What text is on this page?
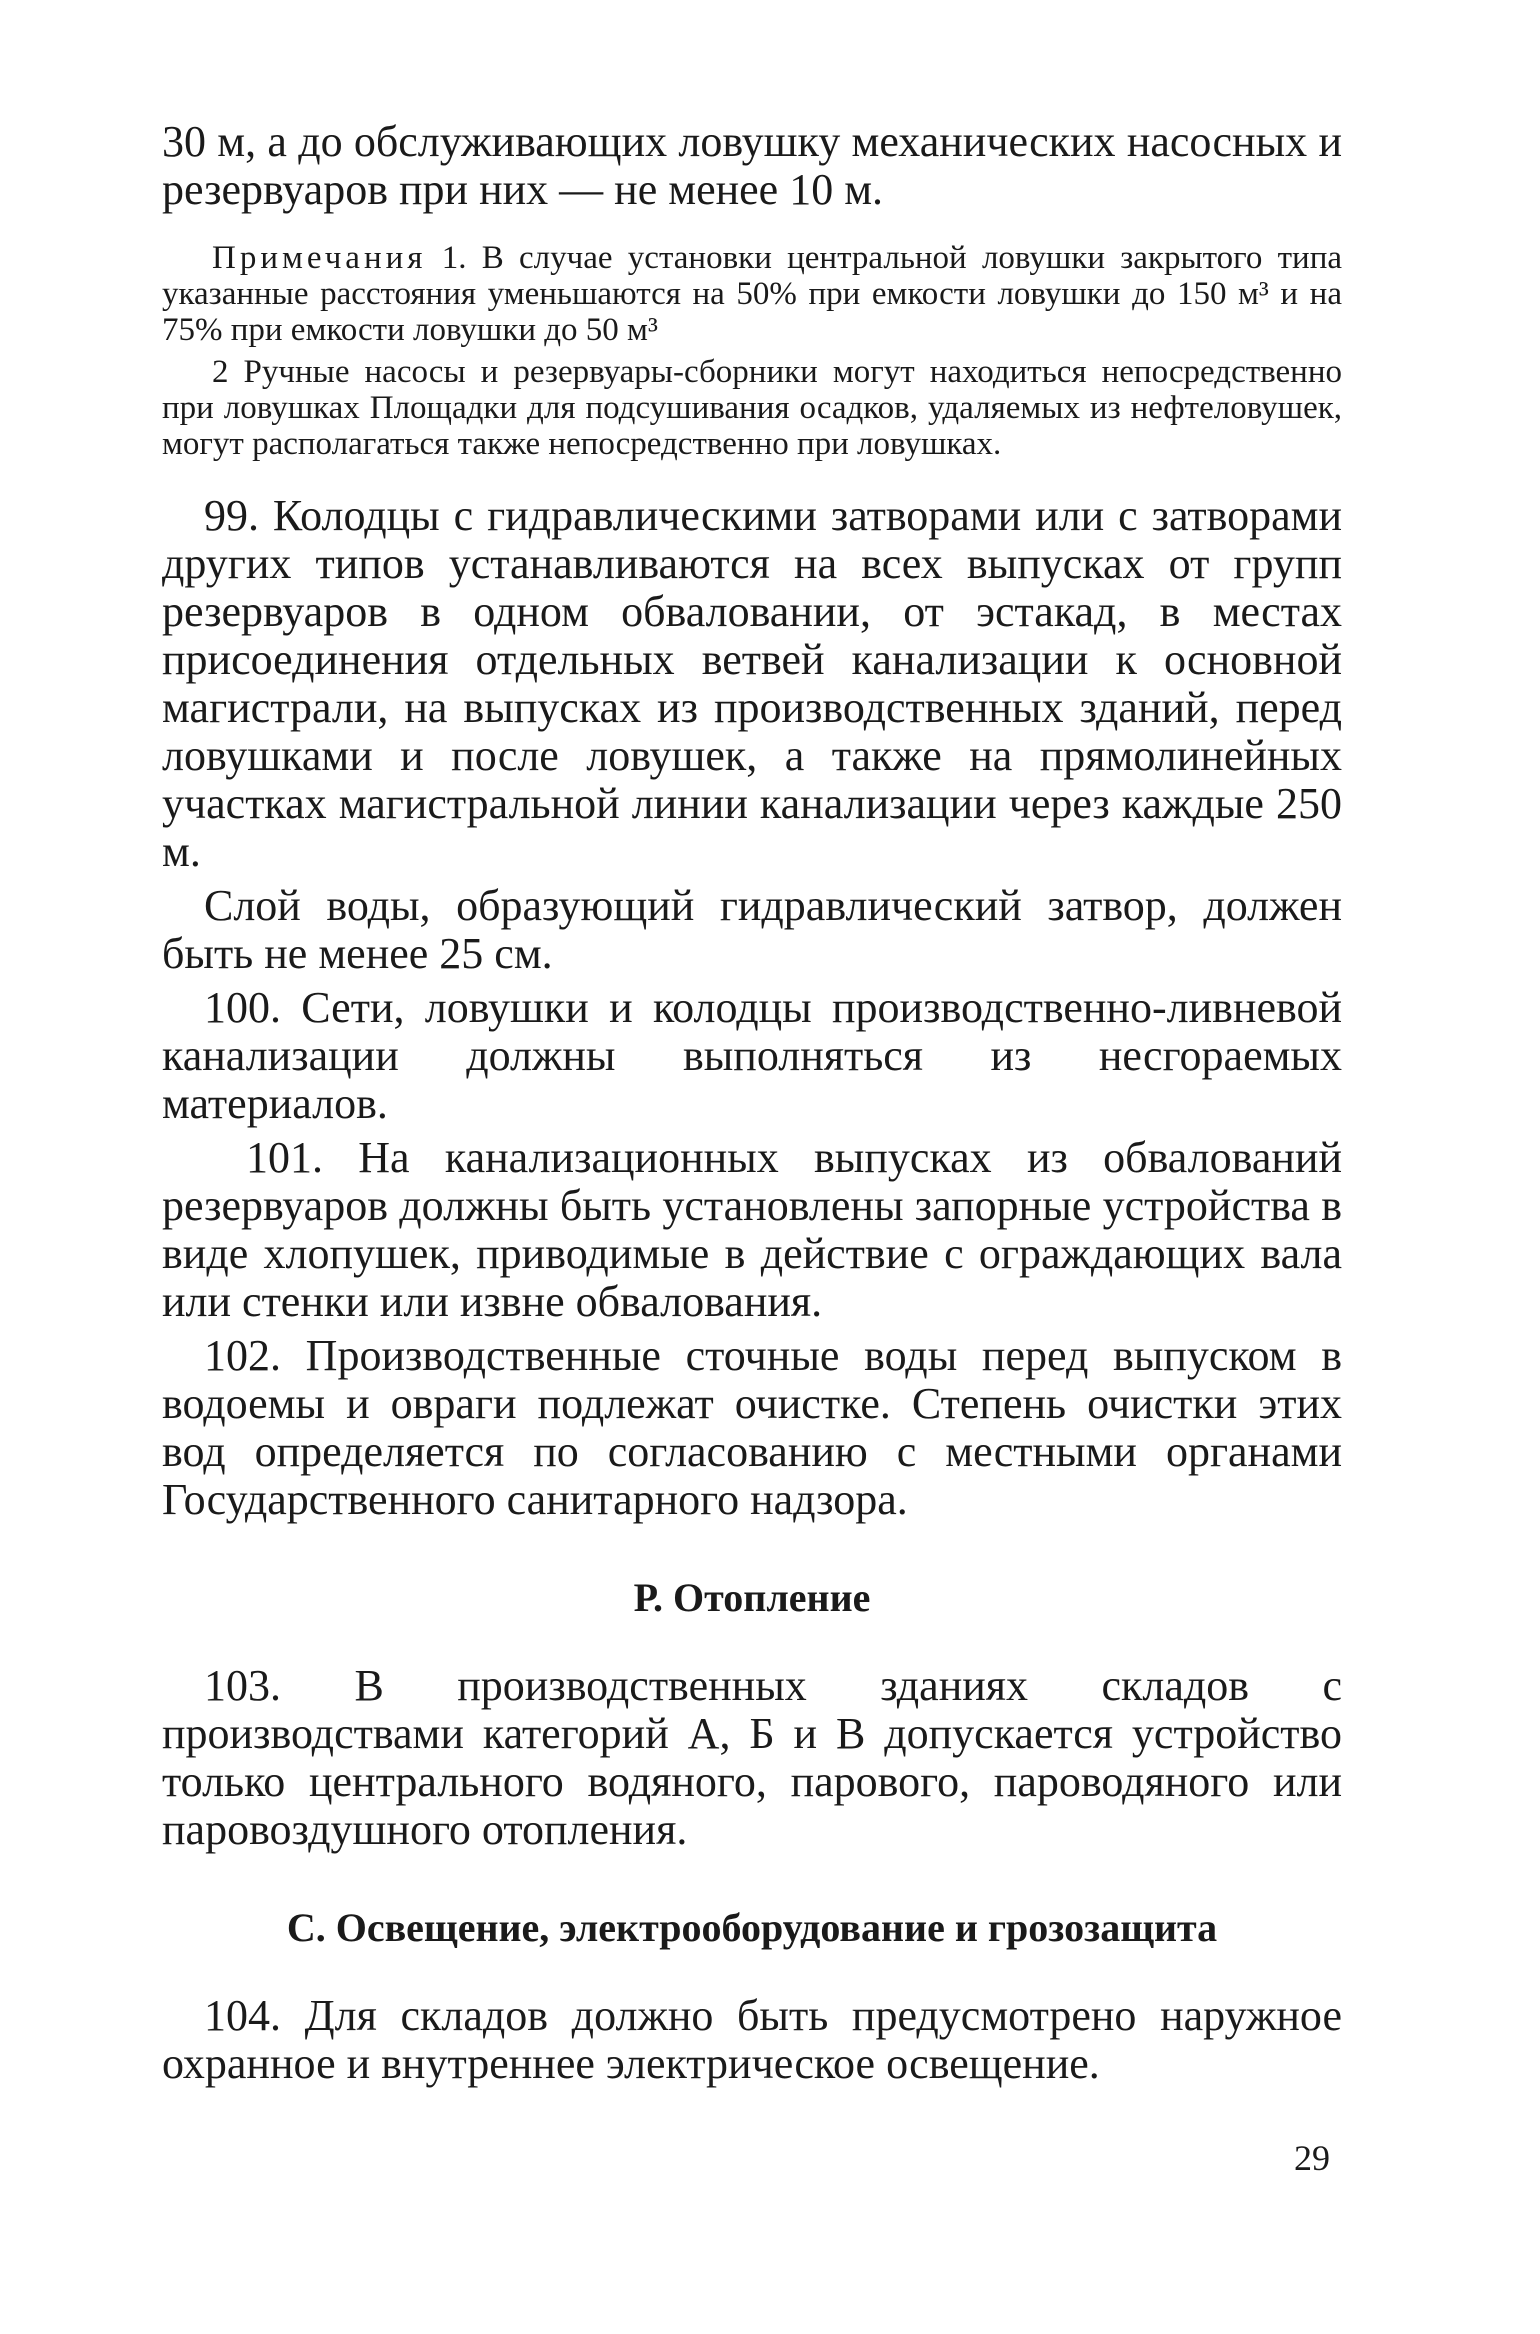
30 м, а до обслуживающих ловушку механических насосных и резервуаров при них — не менее 10 м.

Примечания 1. В случае установки центральной ловушки закрытого типа указанные расстояния уменьшаются на 50% при емкости ловушки до 150 м³ и на 75% при емкости ловушки до 50 м³

2 Ручные насосы и резервуары-сборники могут находиться непосредственно при ловушках Площадки для подсушивания осадков, удаляемых из нефтеловушек, могут располагаться также непосредственно при ловушках.

99. Колодцы с гидравлическими затворами или с затворами других типов устанавливаются на всех выпусках от групп резервуаров в одном обваловании, от эстакад, в местах присоединения отдельных ветвей канализации к основной магистрали, на выпусках из производственных зданий, перед ловушками и после ловушек, а также на прямолинейных участках магистральной линии канализации через каждые 250 м.

Слой воды, образующий гидравлический затвор, должен быть не менее 25 см.

100. Сети, ловушки и колодцы производственно-ливневой канализации должны выполняться из несгораемых материалов.

101. На канализационных выпусках из обвалований резервуаров должны быть установлены запорные устройства в виде хлопушек, приводимые в действие с ограждающих вала или стенки или извне обвалования.

102. Производственные сточные воды перед выпуском в водоемы и овраги подлежат очистке. Степень очистки этих вод определяется по согласованию с местными органами Государственного санитарного надзора.

Р. Отопление

103. В производственных зданиях складов с производствами категорий А, Б и В допускается устройство только центрального водяного, парового, пароводяного или паровоздушного отопления.

С. Освещение, электрооборудование и грозозащита

104. Для складов должно быть предусмотрено наружное охранное и внутреннее электрическое освещение.

29
